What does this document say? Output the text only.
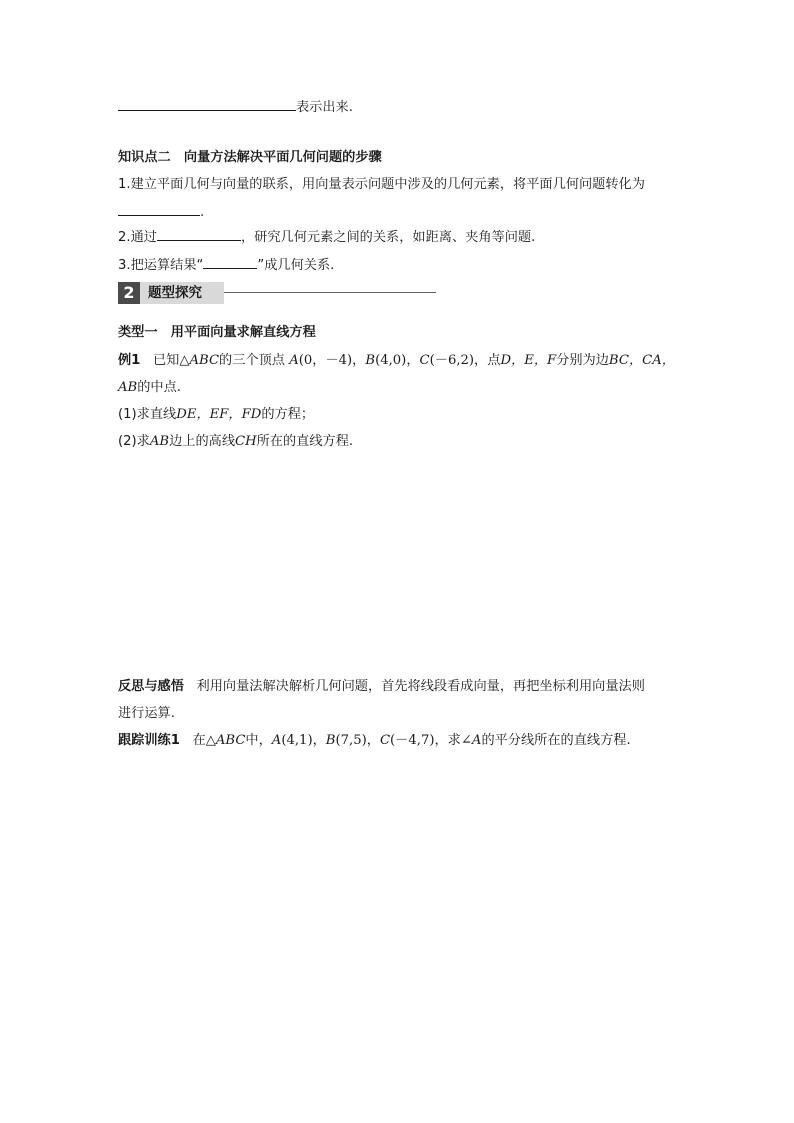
表示出来.
知识点二　向量方法解决平面几何问题的步骤
1.建立平面几何与向量的联系，用向量表示问题中涉及的几何元素，将平面几何问题转化为
.
2.通过	，研究几何元素之间的关系，如距离、夹角等问题.
3.把运算结果“	”成几何关系.
2 题型探究
类型一　用平面向量求解直线方程
例1 已知△ABC的三个顶点 A(0，－4)，B(4,0)，C(－6,2)，点D，E，F分别为边BC，CA，
AB的中点.
(1)求直线DE，EF，FD的方程；
(2)求AB边上的高线CH所在的直线方程.
反思与感悟 利用向量法解决解析几何问题，首先将线段看成向量，再把坐标利用向量法则
进行运算.
跟踪训练1 在△ABC中，A(4,1)，B(7,5)，C(－4,7)，求∠A的平分线所在的直线方程.
